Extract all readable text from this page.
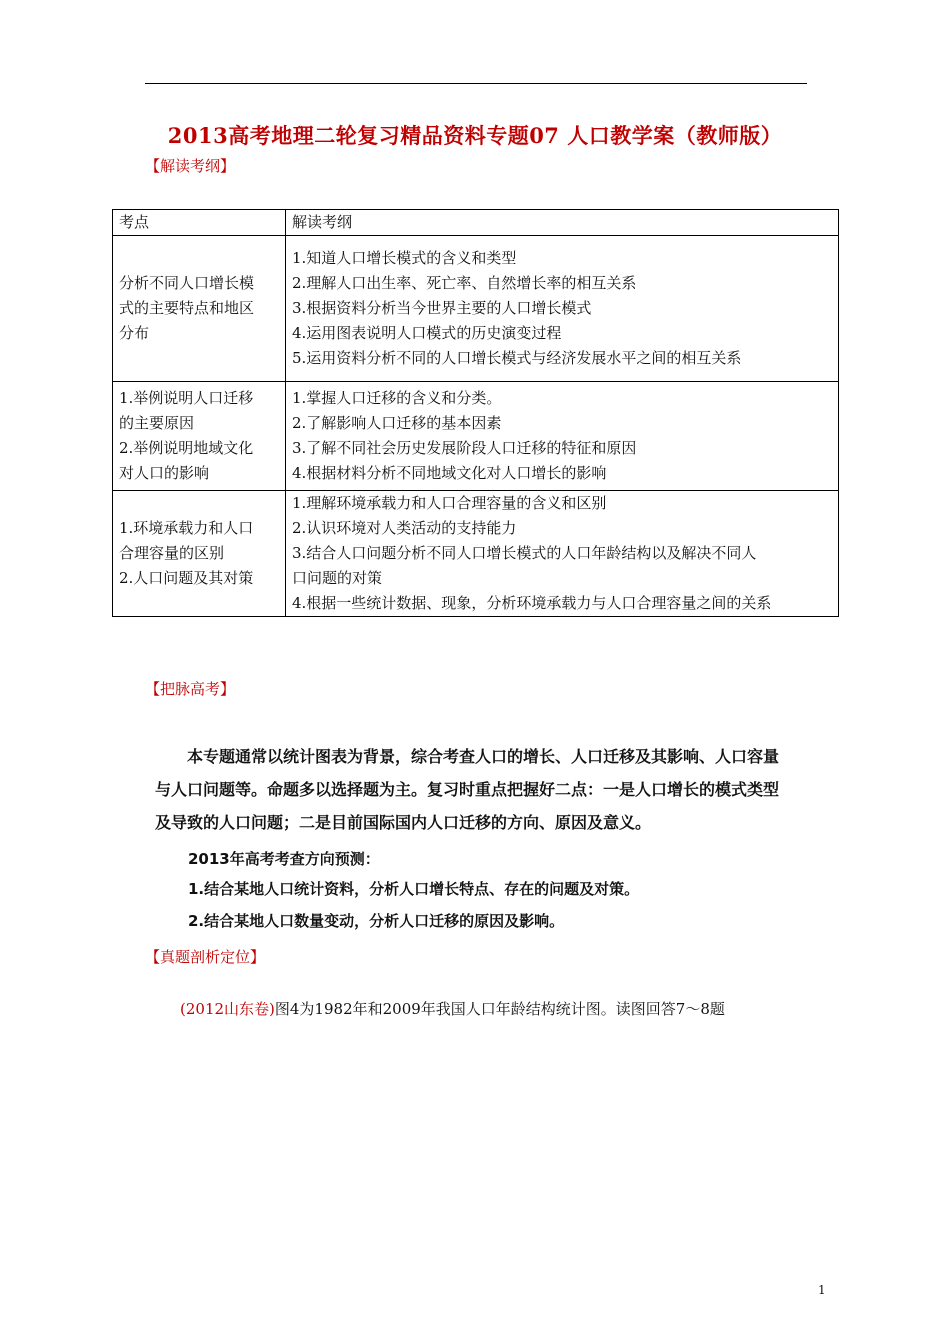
2013高考地理二轮复习精品资料专题07 人口教学案（教师版）
【解读考纲】
考点	解读考纲

分析不同人口增长模
式的主要特点和地区
分布	1.知道人口增长模式的含义和类型
2.理解人口出生率、死亡率、自然增长率的相互关系
3.根据资料分析当今世界主要的人口增长模式
4.运用图表说明人口模式的历史演变过程
5.运用资料分析不同的人口增长模式与经济发展水平之间的相互关系

1.举例说明人口迁移
的主要原因
2.举例说明地域文化
对人口的影响	1.掌握人口迁移的含义和分类。
2.了解影响人口迁移的基本因素
3.了解不同社会历史发展阶段人口迁移的特征和原因
4.根据材料分析不同地域文化对人口增长的影响

1.环境承载力和人口
合理容量的区别
2.人口问题及其对策	1.理解环境承载力和人口合理容量的含义和区别
2.认识环境对人类活动的支持能力
3.结合人口问题分析不同人口增长模式的人口年龄结构以及解决不同人
口问题的对策
4.根据一些统计数据、现象，分析环境承载力与人口合理容量之间的关系
【把脉高考】
　　本专题通常以统计图表为背景，综合考查人口的增长、人口迁移及其影响、人口容量
与人口问题等。命题多以选择题为主。复习时重点把握好二点：一是人口增长的模式类型
及导致的人口问题；二是目前国际国内人口迁移的方向、原因及意义。
2013年高考考查方向预测：
1.结合某地人口统计资料，分析人口增长特点、存在的问题及对策。
2.结合某地人口数量变动，分析人口迁移的原因及影响。
【真题剖析定位】
(2012山东卷)图4为1982年和2009年我国人口年龄结构统计图。读图回答7～8题
1
